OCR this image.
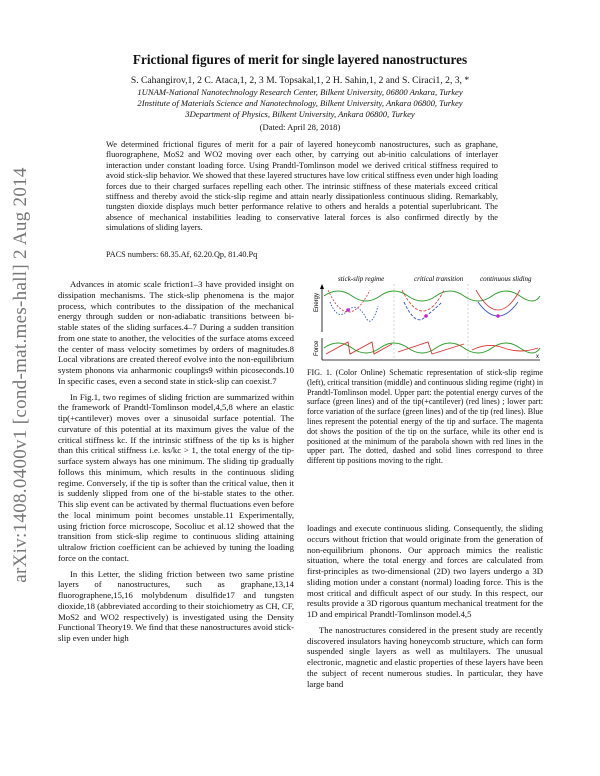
arXiv:1408.0400v1 [cond-mat.mes-hall] 2 Aug 2014
Frictional figures of merit for single layered nanostructures
S. Cahangirov,1, 2 C. Ataca,1, 2, 3 M. Topsakal,1, 2 H. Sahin,1, 2 and S. Ciraci1, 2, 3, *
1UNAM-National Nanotechnology Research Center, Bilkent University, 06800 Ankara, Turkey
2Institute of Materials Science and Nanotechnology, Bilkent University, Ankara 06800, Turkey
3Department of Physics, Bilkent University, Ankara 06800, Turkey
(Dated: April 28, 2018)
We determined frictional figures of merit for a pair of layered honeycomb nanostructures, such as graphane, fluorographene, MoS2 and WO2 moving over each other, by carrying out ab-initio calculations of interlayer interaction under constant loading force. Using Prandtl-Tomlinson model we derived critical stiffness required to avoid stick-slip behavior. We showed that these layered structures have low critical stiffness even under high loading forces due to their charged surfaces repelling each other. The intrinsic stiffness of these materials exceed critical stiffness and thereby avoid the stick-slip regime and attain nearly dissipationless continuous sliding. Remarkably, tungsten dioxide displays much better performance relative to others and heralds a potential superlubricant. The absence of mechanical instabilities leading to conservative lateral forces is also confirmed directly by the simulations of sliding layers.
PACS numbers: 68.35.Af, 62.20.Qp, 81.40.Pq

Advances in atomic scale friction1–3 have provided insight on dissipation mechanisms. The stick-slip phenomena is the major process, which contributes to the dissipation of the mechanical energy through sudden or non-adiabatic transitions between bi-stable states of the sliding surfaces.4–7 During a sudden transition from one state to another, the velocities of the surface atoms exceed the center of mass velocity sometimes by orders of magnitudes.8 Local vibrations are created thereof evolve into the non-equilibrium system phonons via anharmonic couplings9 within picoseconds.10 In specific cases, even a second state in stick-slip can coexist.7

In Fig.1, two regimes of sliding friction are summarized within the framework of Prandtl-Tomlinson model,4,5,8 where an elastic tip(+cantilever) moves over a sinusoidal surface potential. The curvature of this potential at its maximum gives the value of the critical stiffness kc. If the intrinsic stiffness of the tip ks is higher than this critical stiffness i.e. ks/kc > 1, the total energy of the tip-surface system always has one minimum. The sliding tip gradually follows this minimum, which results in the continuous sliding regime. Conversely, if the tip is softer than the critical value, then it is suddenly slipped from one of the bi-stable states to the other. This slip event can be activated by thermal fluctuations even before the local minimum point becomes unstable.11 Experimentally, using friction force microscope, Socoliuc et al.12 showed that the transition from stick-slip regime to continuous sliding attaining ultralow friction coefficient can be achieved by tuning the loading force on the contact.

In this Letter, the sliding friction between two same pristine layers of nanostructures, such as graphane,13,14 fluorographene,15,16 molybdenum disulfide17 and tungsten dioxide,18 (abbreviated according to their stoichiometry as CH, CF, MoS2 and WO2 respectively) is investigated using the Density Functional Theory19. We find that these nanostructures avoid stick-slip even under high

stick-slip regime	critical transition continuous sliding
Energy
Force
x
FIG. 1. (Color Online) Schematic representation of stick-slip regime (left), critical transition (middle) and continuous sliding regime (right) in Prandtl-Tomlinson model. Upper part: the potential energy curves of the surface (green lines) and of the tip(+cantilever) (red lines) ; lower part: force variation of the surface (green lines) and of the tip (red lines). Blue lines represent the potential energy of the tip and surface. The magenta dot shows the position of the tip on the surface, while its other end is positioned at the minimum of the parabola shown with red lines in the upper part. The dotted, dashed and solid lines correspond to three different tip positions moving to the right.

loadings and execute continuous sliding. Consequently, the sliding occurs without friction that would originate from the generation of non-equilibrium phonons. Our approach mimics the realistic situation, where the total energy and forces are calculated from first-principles as two-dimensional (2D) two layers undergo a 3D sliding motion under a constant (normal) loading force. This is the most critical and difficult aspect of our study. In this respect, our results provide a 3D rigorous quantum mechanical treatment for the 1D and empirical Prandtl-Tomlinson model.4,5

The nanostructures considered in the present study are recently discovered insulators having honeycomb structure, which can form suspended single layers as well as multilayers. The unusual electronic, magnetic and elastic properties of these layers have been the subject of recent numerous studies. In particular, they have large band
